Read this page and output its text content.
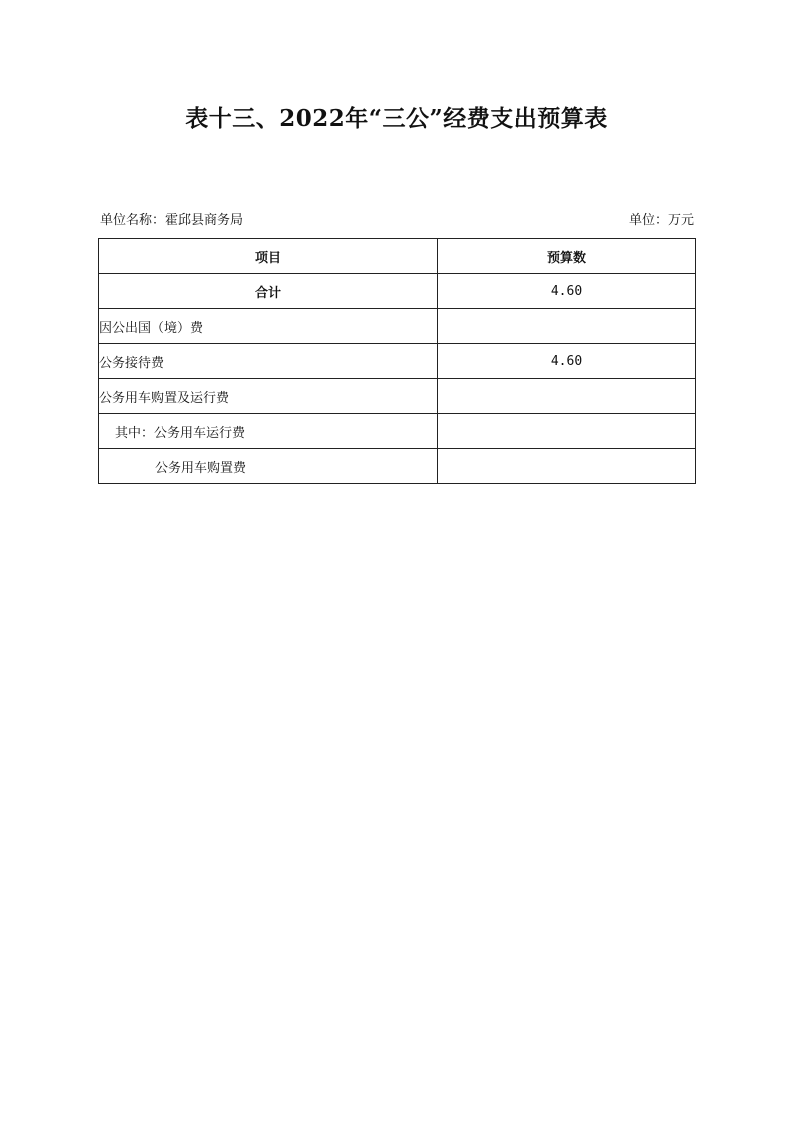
表十三、2022年“三公”经费支出预算表
单位名称：霍邱县商务局	单位：万元
项目	预算数
合计	4.60
因公出国（境）费	
公务接待费	4.60
公务用车购置及运行费	
其中：公务用车运行费	
公务用车购置费	
